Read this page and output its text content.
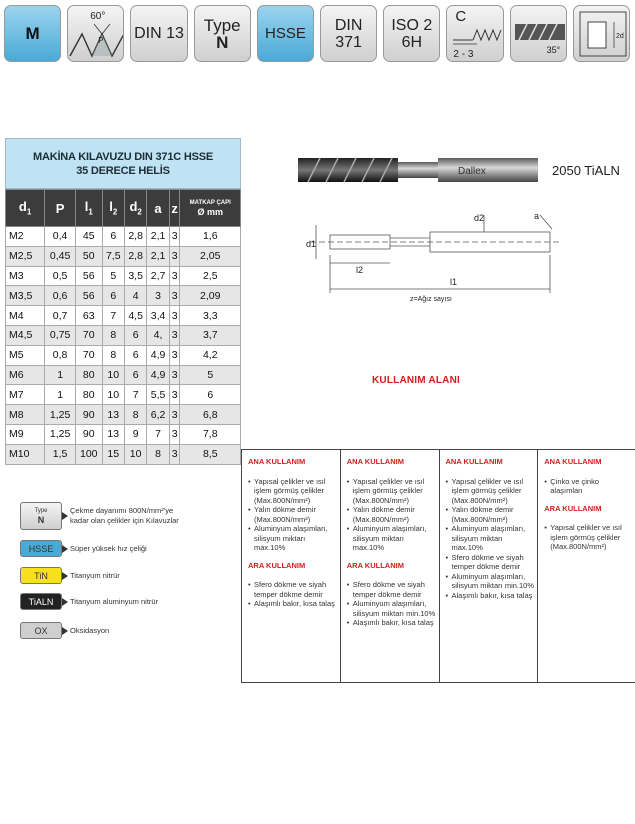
M
60°
P DIN 13 Type
N	HSSE DIN
371
ISO 2
6H
C
2 - 3	35°
2d
MAKİNA KILAVUZU DIN 371C HSSE
35 DERECE HELİS
$d_1$	P	$l_1$	$l_2$	$d_2$	a	z	MATKAP ÇAPI
Ø mm

M2	0,4	45	6	2,8	2,1	3	1,6
M2,5	0,45	50	7,5	2,8	2,1	3	2,05
M3	0,5	56	5	3,5	2,7	3	2,5
M3,5	0,6	56	6	4	3	3	2,09
M4	0,7	63	7	4,5	3,4	3	3,3
M4,5	0,75	70	8	6	4,	3	3,7
M5	0,8	70	8	6	4,9	3	4,2
M6	1	80	10	6	4,9	3	5
M7	1	80	10	7	5,5	3	6
M8	1,25	90	13	8	6,2	3	6,8
M9	1,25	90	13	9	7	3	7,8
M10	1,5	100	15	10	8	3	8,5
Dallex	2050 TiALN
d1
d2	a
l2
l1
z=Ağız sayısı
KULLANIM ALANI
ANA KULLANIM
• Yapısal çelikler ve ısıl işlem görmüş çelikler (Max.800N/mm²)
• Yalın dökme demir (Max.800N/mm²)
• Aluminyum alaşımları, silisyum miktarı max.10%
ARA KULLANIM
• Sfero dökme ve siyah temper dökme demir
• Alaşımlı bakır, kısa talaş
ANA KULLANIM
• Yapısal çelikler ve ısıl işlem görmüş çelikler (Max.800N/mm²)
• Yalın dökme demir (Max.800N/mm²)
• Aluminyum alaşımları, silisyum miktarı max.10%
ARA KULLANIM
• Sfero dökme ve siyah temper dökme demir
• Aluminyum alaşımları, silisyum miktarı min.10%
• Alaşımlı bakır, kısa talaş
ANA KULLANIM
• Yapısal çelikler ve ısıl işlem görmüş çelikler (Max.800N/mm²)
• Yalın dökme demir (Max.800N/mm²)
• Aluminyum alaşımları, silisyum miktarı max.10%
• Sfero dökme ve siyah temper dökme demir
• Aluminyum alaşımları, silisyum miktarı min.10%
• Alaşımlı bakır, kısa talaş
ANA KULLANIM
• Çinko ve çinko alaşımları
ARA KULLANIM
• Yapısal çelikler ve ısıl işlem görmüş çelikler (Max.800N/mm²)
Type
N
Çekme dayanımı 800N/mm²'ye
kadar olan çelikler için Kılavuzlar
HSSE	Süper yüksek hız çeliği
TiN	Titanyum nitrür
TiALN	Titanyum aluminyum nitrür
OX	Oksidasyon
